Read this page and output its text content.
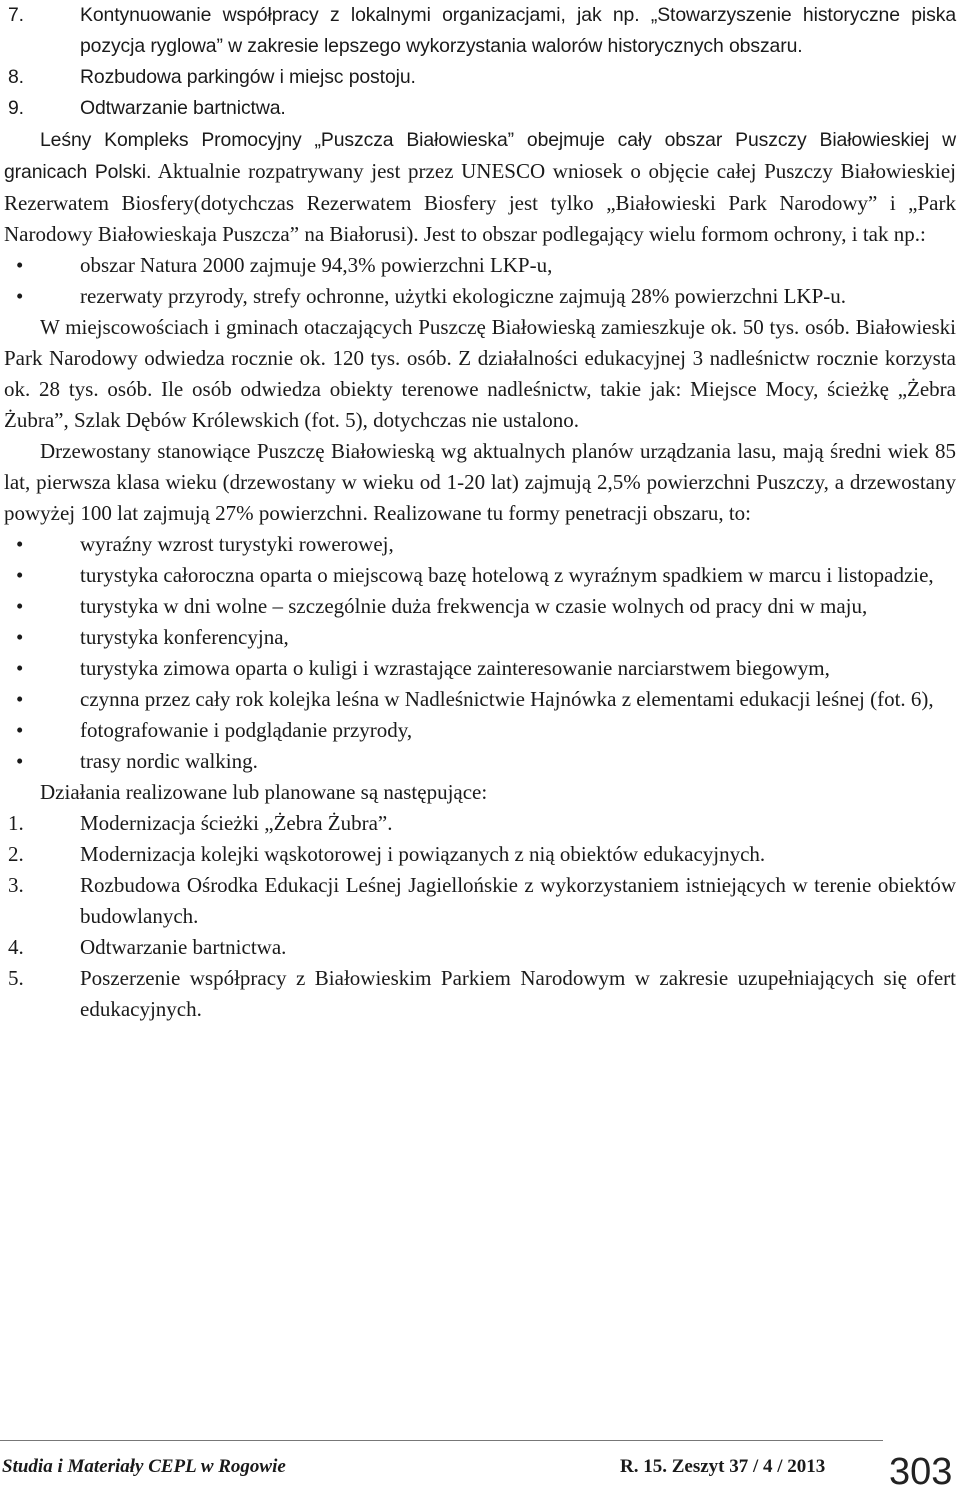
7.	Kontynuowanie współpracy z lokalnymi organizacjami, jak np. „Stowarzyszenie historyczne piska pozycja ryglowa” w zakresie lepszego wykorzystania walorów historycznych obszaru.
8.	Rozbudowa parkingów i miejsc postoju.
9.	Odtwarzanie bartnictwa.
Leśny Kompleks Promocyjny „Puszcza Białowieska” obejmuje cały obszar Puszczy Białowieskiej w granicach Polski. Aktualnie rozpatrywany jest przez UNESCO wniosek o objęcie całej Puszczy Białowieskiej Rezerwatem Biosfery(dotychczas Rezerwatem Biosfery jest tylko „Białowieski Park Narodowy” i „Park Narodowy Białowieskaja Puszcza” na Białorusi). Jest to obszar podlegający wielu formom ochrony, i tak np.:
•	obszar Natura 2000 zajmuje 94,3% powierzchni LKP-u,
•	rezerwaty przyrody, strefy ochronne, użytki ekologiczne zajmują 28% powierzchni LKP-u.
W miejscowościach i gminach otaczających Puszczę Białowieską zamieszkuje ok. 50 tys. osób. Białowieski Park Narodowy odwiedza rocznie ok. 120 tys. osób. Z działalności edukacyjnej 3 nadleśnictw rocznie korzysta ok. 28 tys. osób. Ile osób odwiedza obiekty terenowe nadleśnictw, takie jak: Miejsce Mocy, ścieżkę „Żebra Żubra”, Szlak Dębów Królewskich (fot. 5), dotychczas nie ustalono.
Drzewostany stanowiące Puszczę Białowieską wg aktualnych planów urządzania lasu, mają średni wiek 85 lat, pierwsza klasa wieku (drzewostany w wieku od 1-20 lat) zajmują 2,5% powierzchni Puszczy, a drzewostany powyżej 100 lat zajmują 27% powierzchni. Realizowane tu formy penetracji obszaru, to:
•	wyraźny wzrost turystyki rowerowej,
•	turystyka całoroczna oparta o miejscową bazę hotelową z wyraźnym spadkiem w marcu i listopadzie,
•	turystyka w dni wolne – szczególnie duża frekwencja w czasie wolnych od pracy dni w maju,
•	turystyka konferencyjna,
•	turystyka zimowa oparta o kuligi i wzrastające zainteresowanie narciarstwem biegowym,
•	czynna przez cały rok kolejka leśna w Nadleśnictwie Hajnówka z elementami edukacji leśnej (fot. 6),
•	fotografowanie i podglądanie przyrody,
•	trasy nordic walking.
Działania realizowane lub planowane są następujące:
1.	Modernizacja ścieżki „Żebra Żubra”.
2.	Modernizacja kolejki wąskotorowej i powiązanych z nią obiektów edukacyjnych.
3.	Rozbudowa Ośrodka Edukacji Leśnej Jagiellońskie z wykorzystaniem istniejących w terenie obiektów budowlanych.
4.	Odtwarzanie bartnictwa.
5.	Poszerzenie współpracy z Białowieskim Parkiem Narodowym w zakresie uzupełniających się ofert edukacyjnych.
Studia i Materiały CEPL w Rogowie	R. 15. Zeszyt 37 / 4 / 2013 303
